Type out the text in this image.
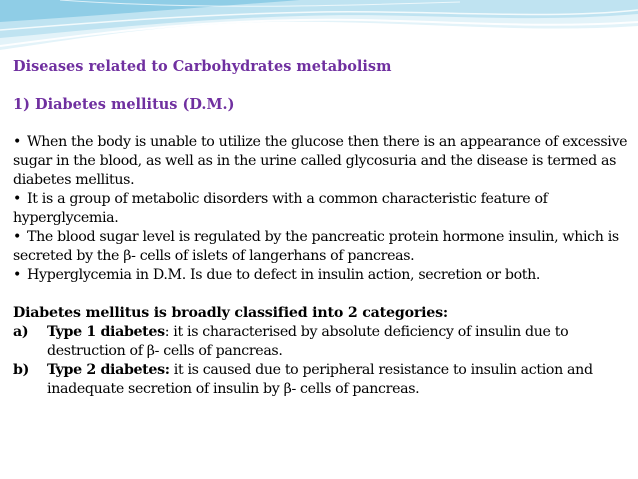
Diseases related to Carbohydrates metabolism
1) Diabetes mellitus (D.M.)
• When the body is unable to utilize the glucose then there is an appearance of excessive sugar in the blood, as well as in the urine called glycosuria and the disease is termed as diabetes mellitus.
• It is a group of metabolic disorders with a common characteristic feature of hyperglycemia.
• The blood sugar level is regulated by the pancreatic protein hormone insulin, which is secreted by the β- cells of islets of langerhans of pancreas.
• Hyperglycemia in D.M. Is due to defect in insulin action, secretion or both.
Diabetes mellitus is broadly classified into 2 categories:
a) Type 1 diabetes: it is characterised by absolute deficiency of insulin due to destruction of β- cells of pancreas.
b) Type 2 diabetes: it is caused due to peripheral resistance to insulin action and inadequate secretion of insulin by β- cells of pancreas.
